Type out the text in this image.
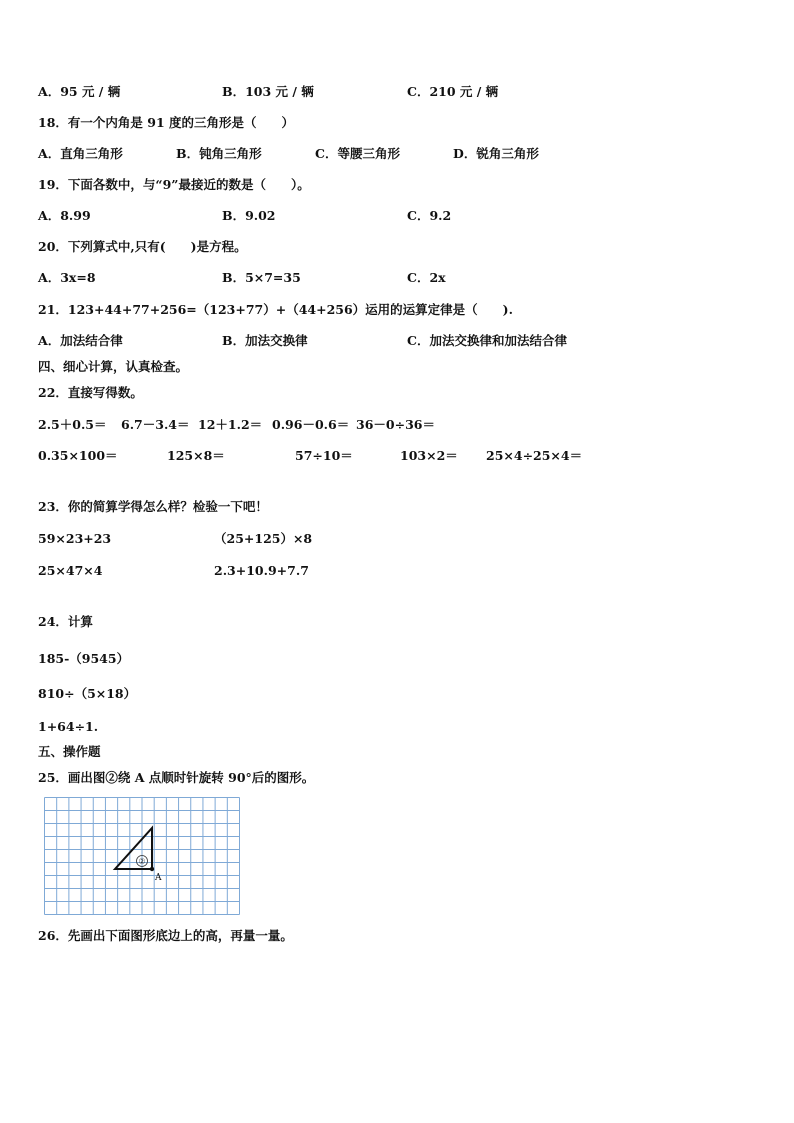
A．95 元 / 辆	B．103 元 / 辆	C．210 元 / 辆
18．有一个内角是 91 度的三角形是（　　）
A．直角三角形	B．钝角三角形	C．等腰三角形	D．锐角三角形
19．下面各数中，与“9”最接近的数是（　　）。
A．8.99	B．9.02	C．9.2
20．下列算式中,只有(　　)是方程。
A．3x=8	B．5×7=35	C．2x
21．123+44+77+256=（123+77）+（44+256）运用的运算定律是（　　).
A．加法结合律	B．加法交换律	C．加法交换律和加法结合律
四、细心计算，认真检查。
22．直接写得数。
2.5＋0.5＝ 6.7－3.4＝ 12＋1.2＝ 0.96－0.6＝ 36－0÷36＝
0.35×100＝	125×8＝	57÷10＝	103×2＝ 25×4÷25×4＝
23．你的简算学得怎么样？检验一下吧！
59×23+23	（25+125）×8
25×47×4	2.3+10.9+7.7
24．计算
185-（9545）
810÷（5×18）
1+64÷1.
五、操作题
25．画出图②绕 A 点顺时针旋转 90°后的图形。
②
A
26．先画出下面图形底边上的高，再量一量。
